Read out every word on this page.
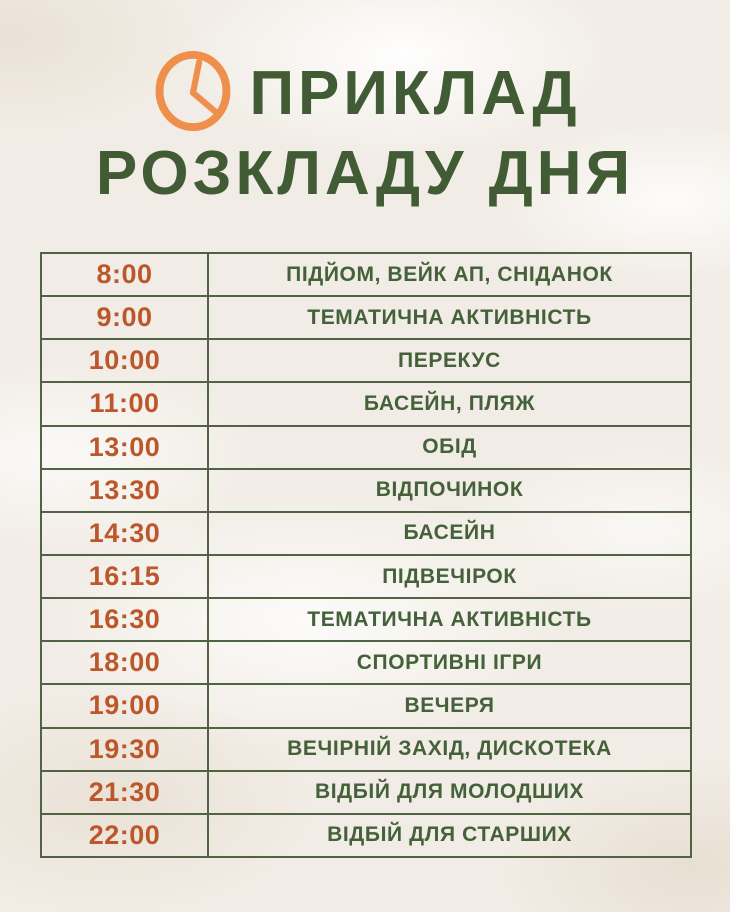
ПРИКЛАД
РОЗКЛАДУ ДНЯ
8:00	ПІДЙОМ, ВЕЙК АП, СНІДАНОК
9:00	ТЕМАТИЧНА АКТИВНІСТЬ
10:00	ПЕРЕКУС
11:00	БАСЕЙН, ПЛЯЖ
13:00	ОБІД
13:30	ВІДПОЧИНОК
14:30	БАСЕЙН
16:15	ПІДВЕЧІРОК
16:30	ТЕМАТИЧНА АКТИВНІСТЬ
18:00	СПОРТИВНІ ІГРИ
19:00	ВЕЧЕРЯ
19:30	ВЕЧІРНІЙ ЗАХІД, ДИСКОТЕКА
21:30	ВІДБІЙ ДЛЯ МОЛОДШИХ
22:00	ВІДБІЙ ДЛЯ СТАРШИХ
